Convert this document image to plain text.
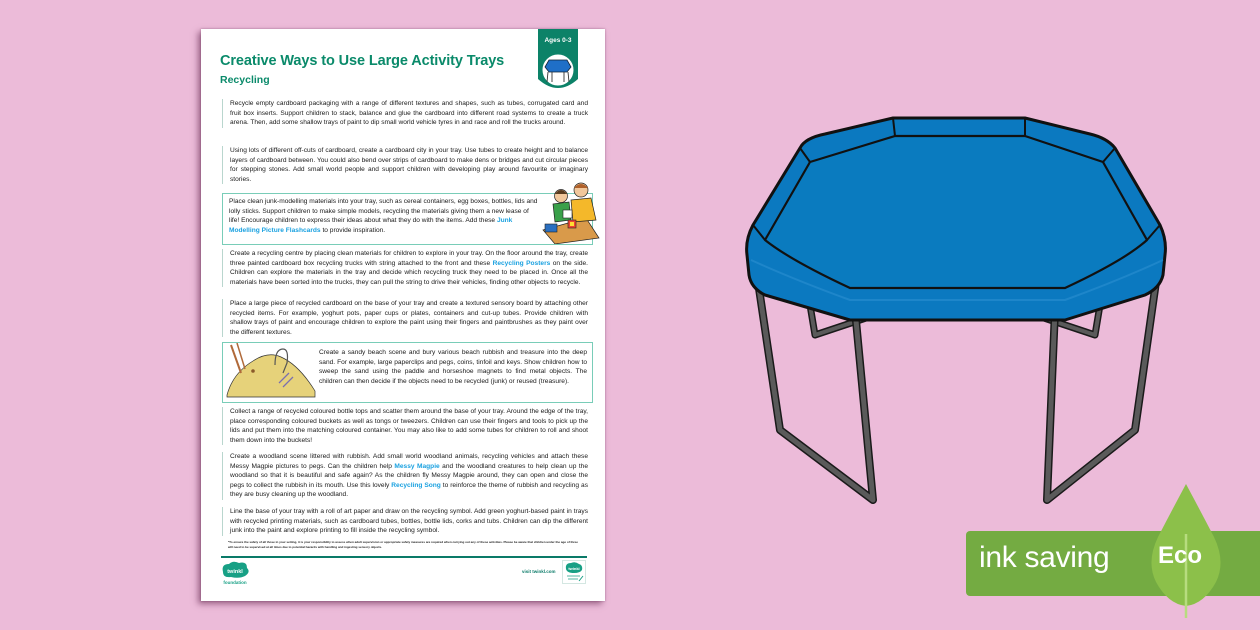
Creative Ways to Use Large Activity Trays
Recycling
Ages 0-3
Recycle empty cardboard packaging with a range of different textures and shapes, such as tubes, corrugated card and fruit box inserts. Support children to stack, balance and glue the cardboard into different road systems to create a truck arena. Then, add some shallow trays of paint to dip small world vehicle tyres in and race and roll the trucks around.
Using lots of different off-cuts of cardboard, create a cardboard city in your tray. Use tubes to create height and to balance layers of cardboard between. You could also bend over strips of cardboard to make dens or bridges and cut circular pieces for stepping stones. Add small world people and support children with developing play around favourite or imaginary stories.
Place clean junk-modelling materials into your tray, such as cereal containers, egg boxes, bottles, lids and lolly sticks. Support children to make simple models, recycling the materials giving them a new lease of life! Encourage children to express their ideas about what they do with the items. Add these Junk Modelling Picture Flashcards to provide inspiration.
Create a recycling centre by placing clean materials for children to explore in your tray. On the floor around the tray, create three painted cardboard box recycling trucks with string attached to the front and these Recycling Posters on the side. Children can explore the materials in the tray and decide which recycling truck they need to be placed in. Once all the materials have been sorted into the trucks, they can pull the string to drive their vehicles, finding other objects to recycle.
Place a large piece of recycled cardboard on the base of your tray and create a textured sensory board by attaching other recycled items. For example, yoghurt pots, paper cups or plates, containers and cut-up tubes. Provide children with shallow trays of paint and encourage children to explore the paint using their fingers and paintbrushes as they paint over the different textures.
Create a sandy beach scene and bury various beach rubbish and treasure into the deep sand. For example, large paperclips and pegs, coins, tinfoil and keys. Show children how to sweep the sand using the paddle and horseshoe magnets to find metal objects. The children can then decide if the objects need to be recycled (junk) or reused (treasure).
Collect a range of recycled coloured bottle tops and scatter them around the base of your tray. Around the edge of the tray, place corresponding coloured buckets as well as tongs or tweezers. Children can use their fingers and tools to pick up the lids and put them into the matching coloured container. You may also like to add some tubes for children to roll and shoot them down into the buckets!
Create a woodland scene littered with rubbish. Add small world woodland animals, recycling vehicles and attach these Messy Magpie pictures to pegs. Can the children help Messy Magpie and the woodland creatures to help clean up the woodland so that it is beautiful and safe again? As the children fly Messy Magpie around, they can open and close the pegs to collect the rubbish in its mouth. Use this lovely Recycling Song to reinforce the theme of rubbish and recycling as they are busy cleaning up the woodland.
Line the base of your tray with a roll of art paper and draw on the recycling symbol. Add green yoghurt-based paint in trays with recycled printing materials, such as cardboard tubes, bottles, bottle lids, corks and tubs. Children can dip the different junk into the paint and explore printing to fill inside the recycling symbol.
*To ensure the safety of all those in your setting, it is your responsibility to assess when adult supervision or appropriate safety measures are required when carrying out any of these activities. Please be aware that children under the age of three will need to be supervised at all times due to potential hazards with handling and ingesting sensory objects.
twinkl
foundation
visit twinkl.com
twinkl	ink saving Eco
